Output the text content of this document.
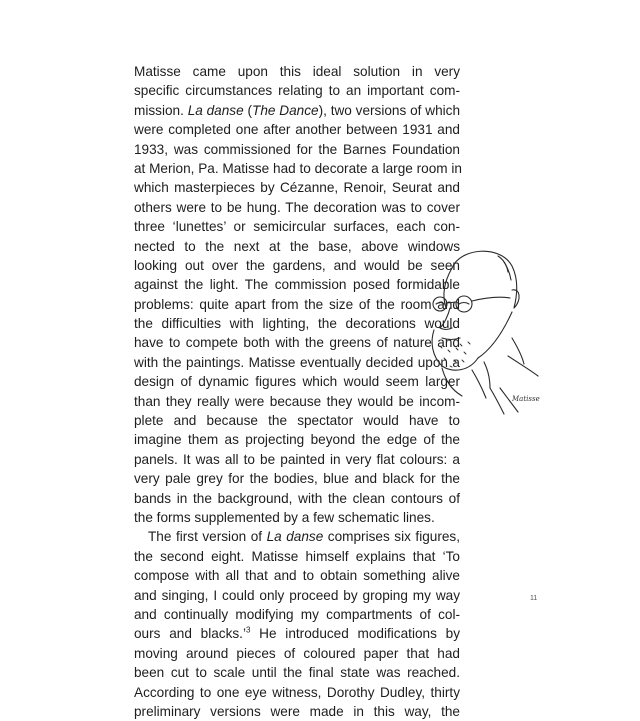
Matisse came upon this ideal solution in very
specific circumstances relating to an important com-
mission. La danse (The Dance), two versions of which
were completed one after another between 1931 and
1933, was commissioned for the Barnes Foundation
at Merion, Pa. Matisse had to decorate a large room in
which masterpieces by Cézanne, Renoir, Seurat and
others were to be hung. The decoration was to cover
three ‘lunettes’ or semicircular surfaces, each con-
nected to the next at the base, above windows
looking out over the gardens, and would be seen
against the light. The commission posed formidable
problems: quite apart from the size of the room and
the difficulties with lighting, the decorations would
have to compete both with the greens of nature and
with the paintings. Matisse eventually decided upon a
design of dynamic figures which would seem larger
than they really were because they would be incom-
plete and because the spectator would have to
imagine them as projecting beyond the edge of the
panels. It was all to be painted in very flat colours: a
very pale grey for the bodies, blue and black for the
bands in the background, with the clean contours of
the forms supplemented by a few schematic lines.
The first version of La danse comprises six figures,
the second eight. Matisse himself explains that ‘To
compose with all that and to obtain something alive
and singing, I could only proceed by groping my way
and continually modifying my compartments of col-
ours and blacks.’$^3$ He introduced modifications by
moving around pieces of coloured paper that had
been cut to scale until the final state was reached.
According to one eye witness, Dorothy Dudley, thirty
preliminary versions were made in this way, the
Matisse
11
